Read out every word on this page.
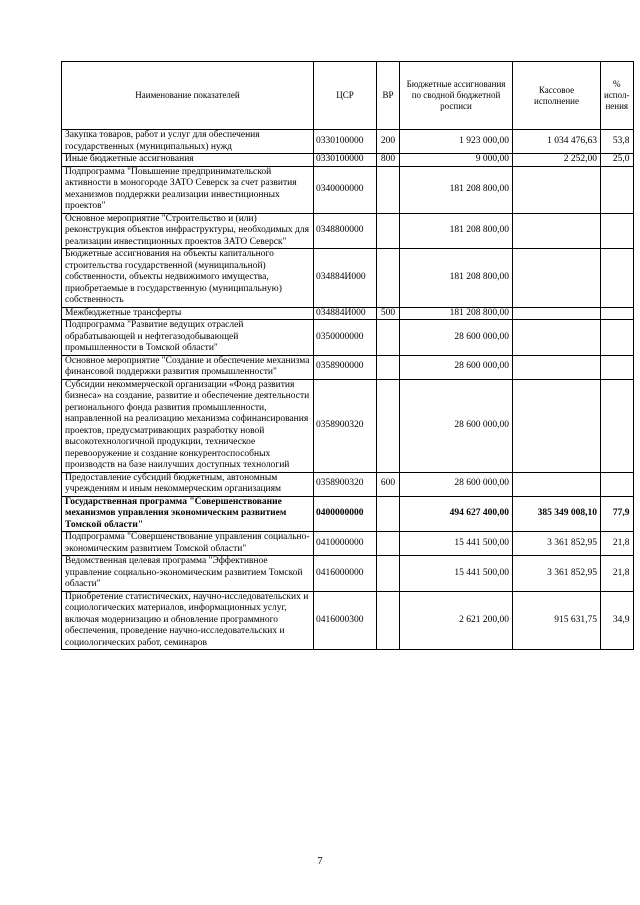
Наименование показателей	ЦСР	ВР	Бюджетные ассигнования по сводной бюджетной росписи	Кассовое исполнение	% испол-нения
Закупка товаров, работ и услуг для обеспечения государственных (муниципальных) нужд	0330100000	200	1 923 000,00	1 034 476,63	53,8
Иные бюджетные ассигнования	0330100000	800	9 000,00	2 252,00	25,0
Подпрограмма "Повышение предпринимательской активности в моногороде ЗАТО Северск за счет развития механизмов поддержки реализации инвестиционных проектов"	0340000000		181 208 800,00		
Основное мероприятие "Строительство и (или) реконструкция объектов инфраструктуры, необходимых для реализации инвестиционных проектов ЗАТО Северск"	0348800000		181 208 800,00		
Бюджетные ассигнования на объекты капитального строительства государственной (муниципальной) собственности, объекты недвижимого имущества, приобретаемые в государственную (муниципальную) собственность	034884И000		181 208 800,00		
Межбюджетные трансферты	034884И000	500	181 208 800,00		
Подпрограмма "Развитие ведущих отраслей обрабатывающей и нефтегазодобывающей промышленности в Томской области"	0350000000		28 600 000,00		
Основное мероприятие "Создание и обеспечение механизма финансовой поддержки развития промышленности"	0358900000		28 600 000,00		
Субсидии некоммерческой организации «Фонд развития бизнеса» на создание, развитие и обеспечение деятельности регионального фонда развития промышленности, направленной на реализацию механизма софинансирования проектов, предусматривающих разработку новой высокотехнологичной продукции, техническое перевооружение и создание конкурентоспособных производств на базе наилучших доступных технологий	0358900320		28 600 000,00		
Предоставление субсидий бюджетным, автономным учреждениям и иным некоммерческим организациям	0358900320	600	28 600 000,00		
Государственная программа "Совершенствование механизмов управления экономическим развитием Томской области"	0400000000		494 627 400,00	385 349 008,10	77,9
Подпрограмма "Совершенствование управления социально-экономическим развитием Томской области"	0410000000		15 441 500,00	3 361 852,95	21,8
Ведомственная целевая программа "Эффективное управление социально-экономическим развитием Томской области"	0416000000		15 441 500,00	3 361 852,95	21,8
Приобретение статистических, научно-исследовательских и социологических материалов, информационных услуг, включая модернизацию и обновление программного обеспечения, проведение научно-исследовательских и социологических работ, семинаров	0416000300		2 621 200,00	915 631,75	34,9
7
